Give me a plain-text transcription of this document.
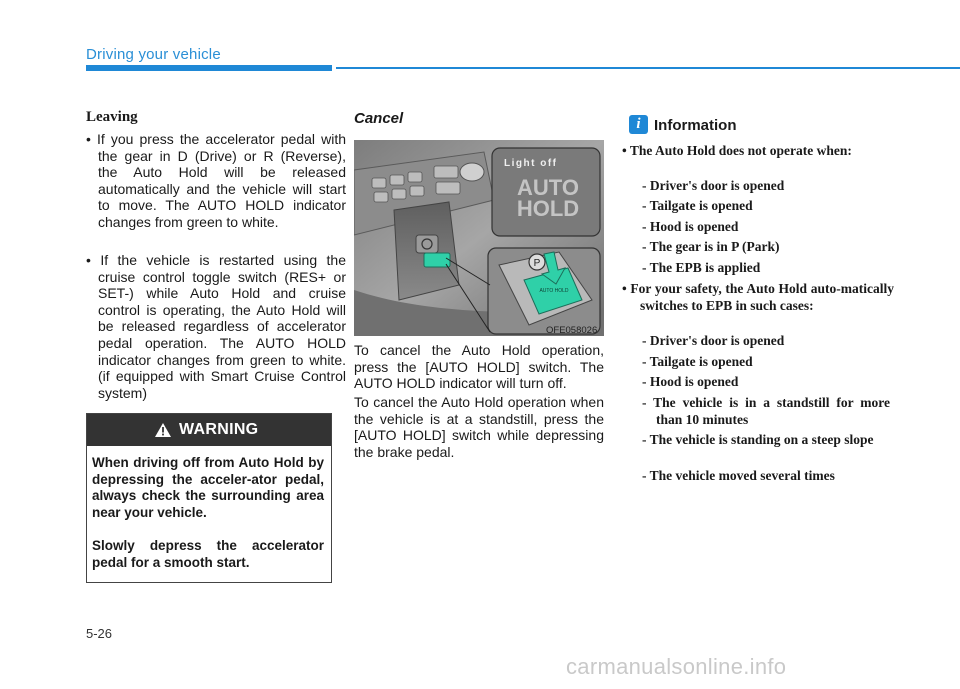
Driving your vehicle
Leaving
• If you press the accelerator pedal with the gear in D (Drive) or R (Reverse), the Auto Hold will be released automatically and the vehicle will start to move. The AUTO HOLD indicator changes from green to white.
• If the vehicle is restarted using the cruise control toggle switch (RES+ or SET-) while Auto Hold and cruise control is operating, the Auto Hold will be released regardless of accelerator pedal operation. The AUTO HOLD indicator changes from green to white. (if equipped with Smart Cruise Control system)
WARNING
When driving off from Auto Hold by depressing the acceler-ator pedal, always check the surrounding area near your vehicle.
Slowly depress the accelerator pedal for a smooth start.
Cancel
P
AUTO HOLD
Light off
AUTO
HOLD
OFE058026
To cancel the Auto Hold operation, press the [AUTO HOLD] switch. The AUTO HOLD indicator will turn off.
To cancel the Auto Hold operation when the vehicle is at a standstill, press the [AUTO HOLD] switch while depressing the brake pedal.
i Information
• The Auto Hold does not operate when:
- Driver's door is opened
- Tailgate is opened
- Hood is opened
- The gear is in P (Park)
- The EPB is applied
• For your safety, the Auto Hold auto-matically switches to EPB in such cases:
- Driver's door is opened
- Tailgate is opened
- Hood is opened
- The vehicle is in a standstill for more than 10 minutes
- The vehicle is standing on a steep slope
- The vehicle moved several times
5-26
carmanualsonline.info
